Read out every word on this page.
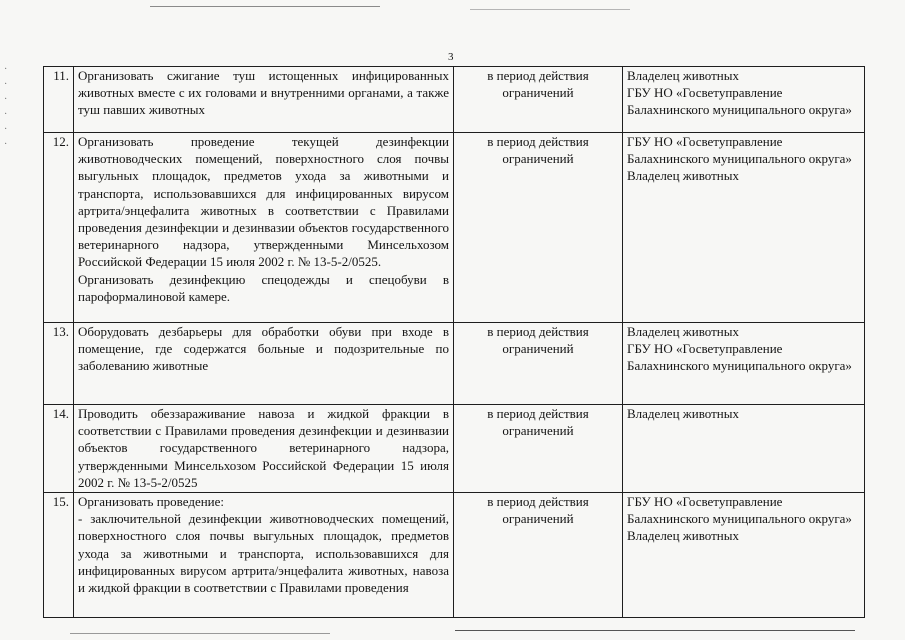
·
·
·
·
·
·
3
11.	Организовать сжигание туш истощенных инфицированных животных вместе с их головами и внутренними органами, а также туш павших животных	в период действия ограничений	Владелец животных
ГБУ НО «Госветуправление Балахнинского муниципального округа»

12.	Организовать проведение текущей дезинфекции животноводческих помещений, поверхностного слоя почвы выгульных площадок, предметов ухода за животными и транспорта, использовавшихся для инфицированных вирусом артрита/энцефалита животных в соответствии с Правилами проведения дезинфекции и дезинвазии объектов государственного ветеринарного надзора, утвержденными Минсельхозом Российской Федерации 15 июля 2002 г. № 13-5-2/0525.
Организовать дезинфекцию спецодежды и спецобуви в пароформалиновой камере.	в период действия ограничений	ГБУ НО «Госветуправление Балахнинского муниципального округа»
Владелец животных

13.	Оборудовать дезбарьеры для обработки обуви при входе в помещение, где содержатся больные и подозрительные по заболеванию животные	в период действия ограничений	Владелец животных
ГБУ НО «Госветуправление Балахнинского муниципального округа»

14.	Проводить обеззараживание навоза и жидкой фракции в соответствии с Правилами проведения дезинфекции и дезинвазии объектов государственного ветеринарного надзора, утвержденными Минсельхозом Российской Федерации 15 июля 2002 г. № 13-5-2/0525	в период действия ограничений	Владелец животных

15.	Организовать проведение:
- заключительной дезинфекции животноводческих помещений, поверхностного слоя почвы выгульных площадок, предметов ухода за животными и транспорта, использовавшихся для инфицированных вирусом артрита/энцефалита животных, навоза и жидкой фракции в соответствии с Правилами проведения	в период действия ограничений	ГБУ НО «Госветуправление Балахнинского муниципального округа»
Владелец животных
